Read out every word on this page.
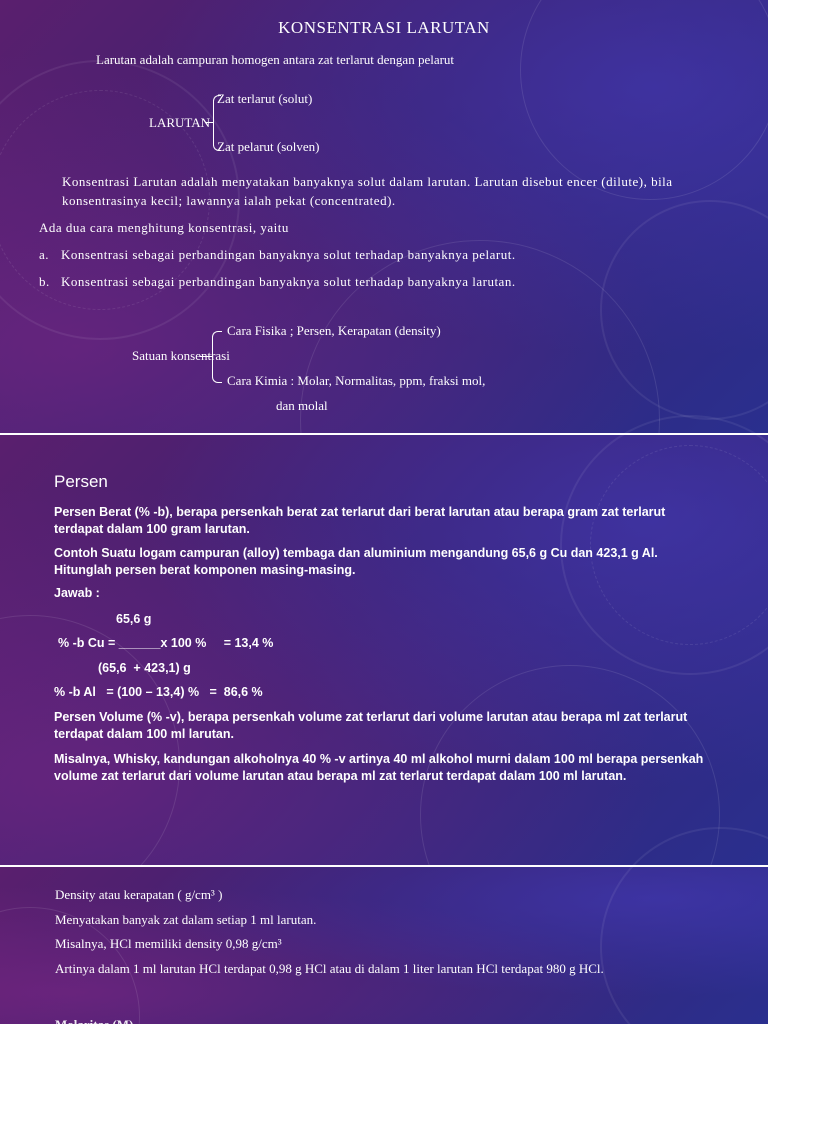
KONSENTRASI LARUTAN
Larutan adalah campuran homogen antara zat terlarut dengan pelarut
LARUTAN
Zat terlarut (solut)
Zat pelarut (solven)
Konsentrasi Larutan adalah menyatakan banyaknya solut dalam larutan. Larutan disebut encer (dilute), bila konsentrasinya kecil; lawannya ialah pekat (concentrated).
Ada dua cara menghitung konsentrasi, yaitu
a. Konsentrasi sebagai perbandingan banyaknya solut terhadap banyaknya pelarut.
b. Konsentrasi sebagai perbandingan banyaknya solut terhadap banyaknya larutan.
Cara Fisika ; Persen, Kerapatan (density)
Satuan konsentrasi
Cara Kimia : Molar, Normalitas, ppm, fraksi mol,
dan molal
Persen
Persen Berat (% -b), berapa persenkah berat zat terlarut dari berat larutan atau berapa gram zat terlarut terdapat dalam 100 gram larutan.
Contoh Suatu logam campuran (alloy) tembaga dan aluminium mengandung 65,6 g Cu dan 423,1 g Al. Hitunglah persen berat komponen masing-masing.
Jawab :
65,6 g
% -b Cu = ______x 100 %     = 13,4 %
(65,6  + 423,1) g
% -b Al   = (100 – 13,4) %   =  86,6 %
Persen Volume (% -v), berapa persenkah volume zat terlarut dari volume larutan atau berapa ml zat terlarut terdapat dalam 100 ml larutan.
Misalnya, Whisky, kandungan alkoholnya 40 % -v artinya 40 ml alkohol murni dalam 100 ml berapa persenkah volume zat terlarut dari volume larutan atau berapa ml zat terlarut terdapat dalam 100 ml larutan.
Density atau kerapatan ( g/cm³ )
Menyatakan banyak zat dalam setiap 1 ml larutan.
Misalnya, HCl memiliki density 0,98 g/cm³
Artinya dalam 1 ml larutan HCl terdapat 0,98 g HCl atau di dalam 1 liter larutan HCl terdapat 980 g HCl.
Molaritas (M)
